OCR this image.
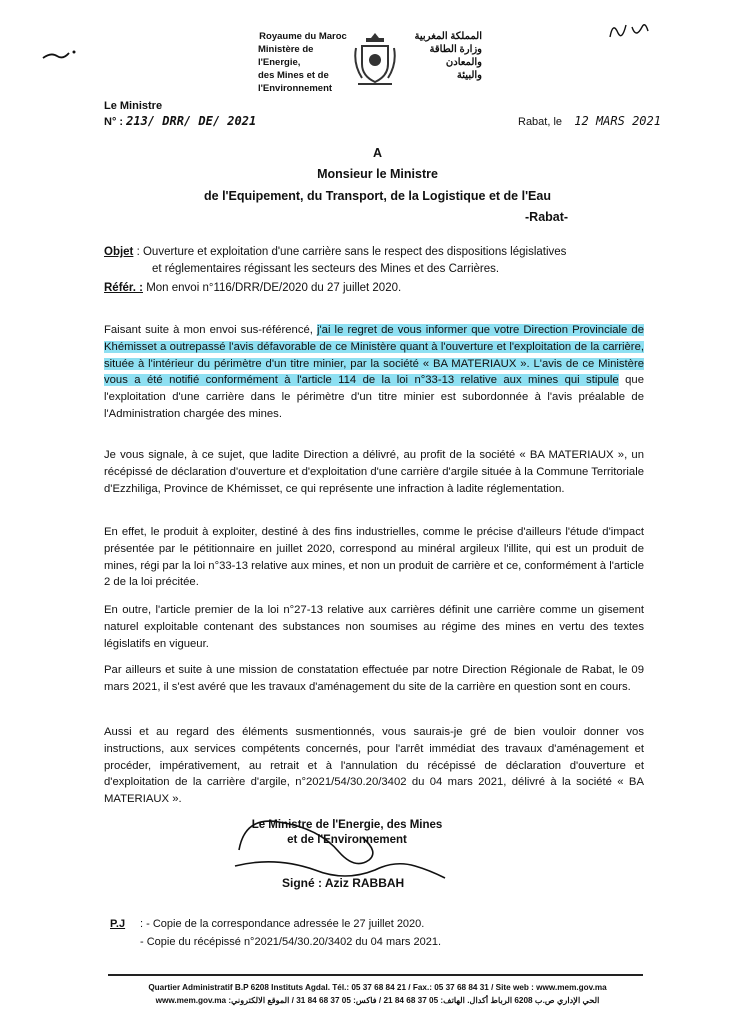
Royaume du Maroc
Ministère de l'Energie,
des Mines et de
l'Environnement
المملكة المغربية
وزارة الطاقة
والمعادن
والبيئة
Le Ministre
N° : 213/ DRR/ DE/ 2021	Rabat, le 12 MARS 2021
A
Monsieur le Ministre
de l'Equipement, du Transport, de la Logistique et de l'Eau
-Rabat-
Objet : Ouverture et exploitation d'une carrière sans le respect des dispositions législatives
et réglementaires régissant les secteurs des Mines et des Carrières.
Référ. : Mon envoi n°116/DRR/DE/2020 du 27 juillet 2020.
Faisant suite à mon envoi sus-référencé, j'ai le regret de vous informer que votre Direction Provinciale de Khémisset a outrepassé l'avis défavorable de ce Ministère quant à l'ouverture et l'exploitation de la carrière, située à l'intérieur du périmètre d'un titre minier, par la société « BA MATERIAUX ». L'avis de ce Ministère vous a été notifié conformément à l'article 114 de la loi n°33-13 relative aux mines qui stipule que l'exploitation d'une carrière dans le périmètre d'un titre minier est subordonnée à l'avis préalable de l'Administration chargée des mines.
Je vous signale, à ce sujet, que ladite Direction a délivré, au profit de la société « BA MATERIAUX », un récépissé de déclaration d'ouverture et d'exploitation d'une carrière d'argile située à la Commune Territoriale d'Ezzhiliga, Province de Khémisset, ce qui représente une infraction à ladite réglementation.
En effet, le produit à exploiter, destiné à des fins industrielles, comme le précise d'ailleurs l'étude d'impact présentée par le pétitionnaire en juillet 2020, correspond au minéral argileux l'illite, qui est un produit de mines, régi par la loi n°33-13 relative aux mines, et non un produit de carrière et ce, conformément à l'article 2 de la loi précitée.
En outre, l'article premier de la loi n°27-13 relative aux carrières définit une carrière comme un gisement naturel exploitable contenant des substances non soumises au régime des mines en vertu des textes législatifs en vigueur.
Par ailleurs et suite à une mission de constatation effectuée par notre Direction Régionale de Rabat, le 09 mars 2021, il s'est avéré que les travaux d'aménagement du site de la carrière en question sont en cours.
Aussi et au regard des éléments susmentionnés, vous saurais-je gré de bien vouloir donner vos instructions, aux services compétents concernés, pour l'arrêt immédiat des travaux d'aménagement et procéder, impérativement, au retrait et à l'annulation du récépissé de déclaration d'ouverture et d'exploitation de la carrière d'argile, n°2021/54/30.20/3402 du 04 mars 2021, délivré à la société « BA MATERIAUX ».
Le Ministre de l'Energie, des Mines
et de l'Environnement
Signé : Aziz RABBAH
P.J : - Copie de la correspondance adressée le 27 juillet 2020.
- Copie du récépissé n°2021/54/30.20/3402 du 04 mars 2021.
Quartier Administratif B.P 6208 Instituts Agdal. Tél.: 05 37 68 84 21 / Fax.: 05 37 68 84 31 / Site web : www.mem.gov.ma
الحي الإداري ص.ب 6208 الرباط أكدال. الهاتف: 05 37 68 84 21 / فاكس: 05 37 68 84 31 / الموقع الالكتروني: www.mem.gov.ma
